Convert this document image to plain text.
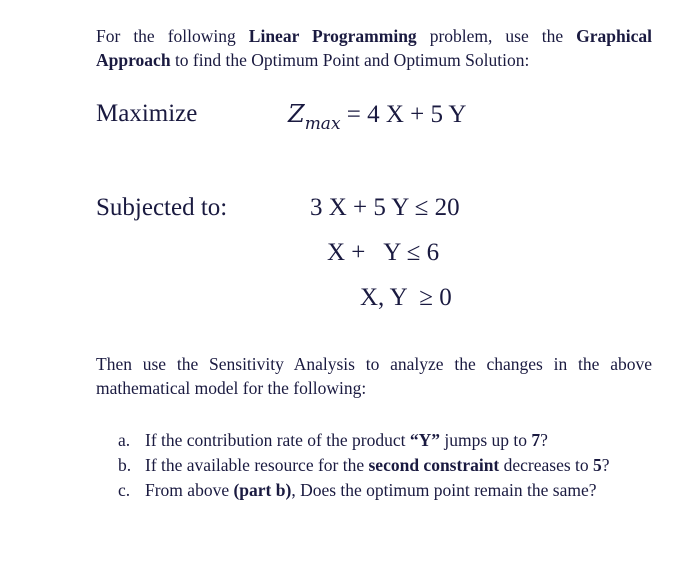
For the following Linear Programming problem, use the Graphical Approach to find the Optimum Point and Optimum Solution:
Maximize	$Z_{max} = 4$ X + 5 Y
Subjected to:	3 X + 5 Y ≤ 20
X +   Y ≤ 6
X, Y  ≥ 0
Then use the Sensitivity Analysis to analyze the changes in the above mathematical model for the following:
a. If the contribution rate of the product “Y” jumps up to 7?
b. If the available resource for the second constraint decreases to 5?
c. From above (part b), Does the optimum point remain the same?
